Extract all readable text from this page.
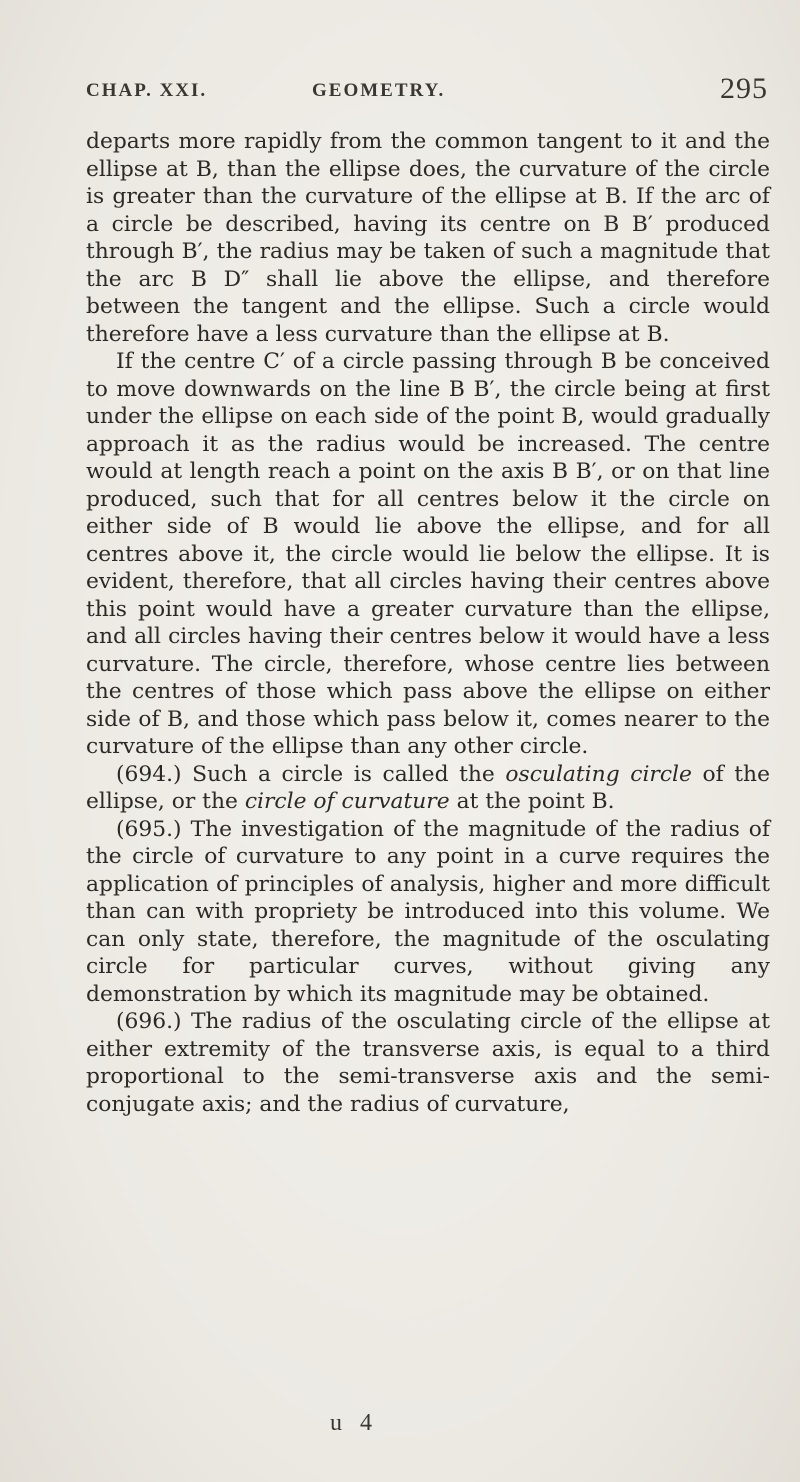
CHAP. XXI.	GEOMETRY.	295

departs more rapidly from the common tangent to it and the ellipse at B, than the ellipse does, the curvature of the circle is greater than the curvature of the ellipse at B. If the arc of a circle be described, having its centre on B B′ produced through B′, the radius may be taken of such a magnitude that the arc B D″ shall lie above the ellipse, and therefore between the tangent and the ellipse. Such a circle would therefore have a less curvature than the ellipse at B.

If the centre C′ of a circle passing through B be conceived to move downwards on the line B B′, the circle being at first under the ellipse on each side of the point B, would gradually approach it as the radius would be increased. The centre would at length reach a point on the axis B B′, or on that line produced, such that for all centres below it the circle on either side of B would lie above the ellipse, and for all centres above it, the circle would lie below the ellipse. It is evident, therefore, that all circles having their centres above this point would have a greater curvature than the ellipse, and all circles having their centres below it would have a less curvature. The circle, therefore, whose centre lies between the centres of those which pass above the ellipse on either side of B, and those which pass below it, comes nearer to the curvature of the ellipse than any other circle.

(694.) Such a circle is called the osculating circle of the ellipse, or the circle of curvature at the point B.

(695.) The investigation of the magnitude of the radius of the circle of curvature to any point in a curve requires the application of principles of analysis, higher and more difficult than can with propriety be introduced into this volume. We can only state, therefore, the magnitude of the osculating circle for particular curves, without giving any demonstration by which its magnitude may be obtained.

(696.) The radius of the osculating circle of the ellipse at either extremity of the transverse axis, is equal to a third proportional to the semi-transverse axis and the semi-conjugate axis; and the radius of curvature,

u 4
